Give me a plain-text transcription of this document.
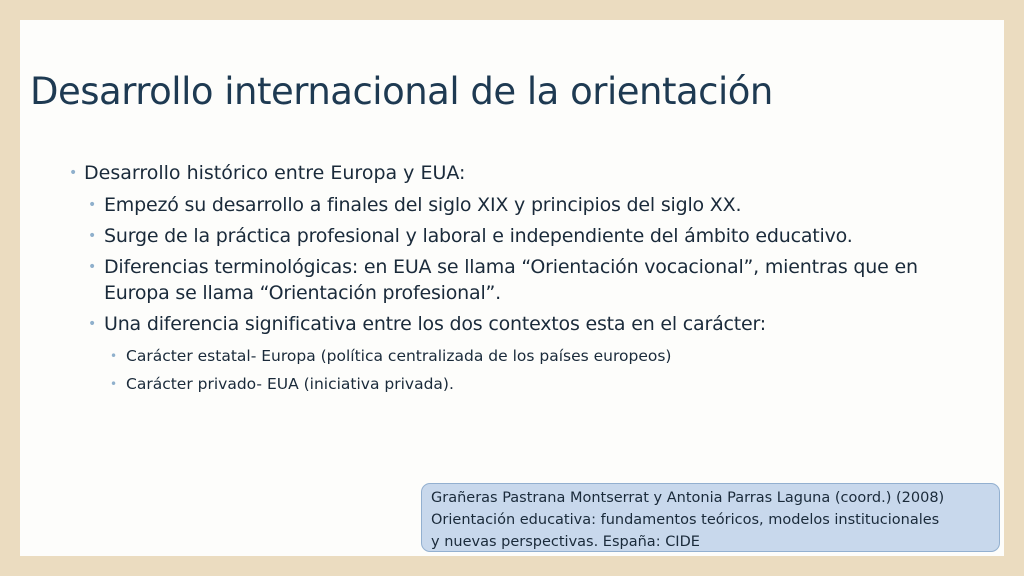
Desarrollo internacional de la orientación
• Desarrollo histórico entre Europa y EUA:
• Empezó su desarrollo a finales del siglo XIX y principios del siglo XX.
• Surge de la práctica profesional y laboral e independiente del ámbito educativo.
• Diferencias terminológicas: en EUA se llama “Orientación vocacional”, mientras que en Europa se llama “Orientación profesional”.
• Una diferencia significativa entre los dos contextos esta en el carácter:
• Carácter estatal- Europa (política centralizada de los países europeos)
• Carácter privado- EUA (iniciativa privada).
Grañeras Pastrana Montserrat y Antonia Parras Laguna (coord.) (2008)
Orientación educativa: fundamentos teóricos, modelos institucionales
y nuevas perspectivas. España: CIDE
